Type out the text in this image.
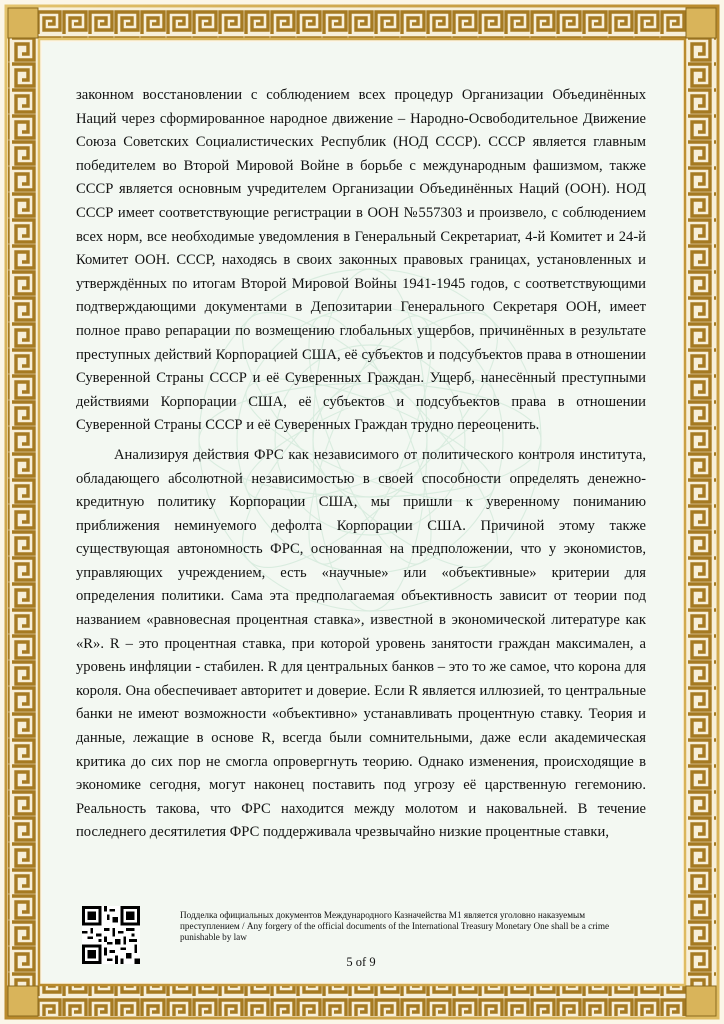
законном восстановлении с соблюдением всех процедур Организации Объединённых Наций через сформированное народное движение – Народно-Освободительное Движение Союза Советских Социалистических Республик (НОД СССР). СССР является главным победителем во Второй Мировой Войне в борьбе с международным фашизмом, также СССР является основным учредителем Организации Объединённых Наций (ООН). НОД СССР имеет соответствующие регистрации в ООН №557303 и произвело, с соблюдением всех норм, все необходимые уведомления в Генеральный Секретариат, 4-й Комитет и 24-й Комитет ООН. СССР, находясь в своих законных правовых границах, установленных и утверждённых по итогам Второй Мировой Войны 1941-1945 годов, с соответствующими подтверждающими документами в Депозитарии Генерального Секретаря ООН, имеет полное право репарации по возмещению глобальных ущербов, причинённых в результате преступных действий Корпорацией США, её субъектов и подсубъектов права в отношении Суверенной Страны СССР и её Суверенных Граждан. Ущерб, нанесённый преступными действиями Корпорации США, её субъектов и подсубъектов права в отношении Суверенной Страны СССР и её Суверенных Граждан трудно переоценить.

Анализируя действия ФРС как независимого от политического контроля института, обладающего абсолютной независимостью в своей способности определять денежно-кредитную политику Корпорации США, мы пришли к уверенному пониманию приближения неминуемого дефолта Корпорации США. Причиной этому также существующая автономность ФРС, основанная на предположении, что у экономистов, управляющих учреждением, есть «научные» или «объективные» критерии для определения политики. Сама эта предполагаемая объективность зависит от теории под названием «равновесная процентная ставка», известной в экономической литературе как «R». R – это процентная ставка, при которой уровень занятости граждан максимален, а уровень инфляции - стабилен. R для центральных банков – это то же самое, что корона для короля. Она обеспечивает авторитет и доверие. Если R является иллюзией, то центральные банки не имеют возможности «объективно» устанавливать процентную ставку. Теория и данные, лежащие в основе R, всегда были сомнительными, даже если академическая критика до сих пор не смогла опровергнуть теорию. Однако изменения, происходящие в экономике сегодня, могут наконец поставить под угрозу её царственную гегемонию. Реальность такова, что ФРС находится между молотом и наковальней. В течение последнего десятилетия ФРС поддерживала чрезвычайно низкие процентные ставки,

Подделка официальных документов Международного Казначейства M1 является уголовно наказуемым преступлением / Any forgery of the official documents of the International Treasury Monetary One shall be a crime punishable by law
5 of 9
